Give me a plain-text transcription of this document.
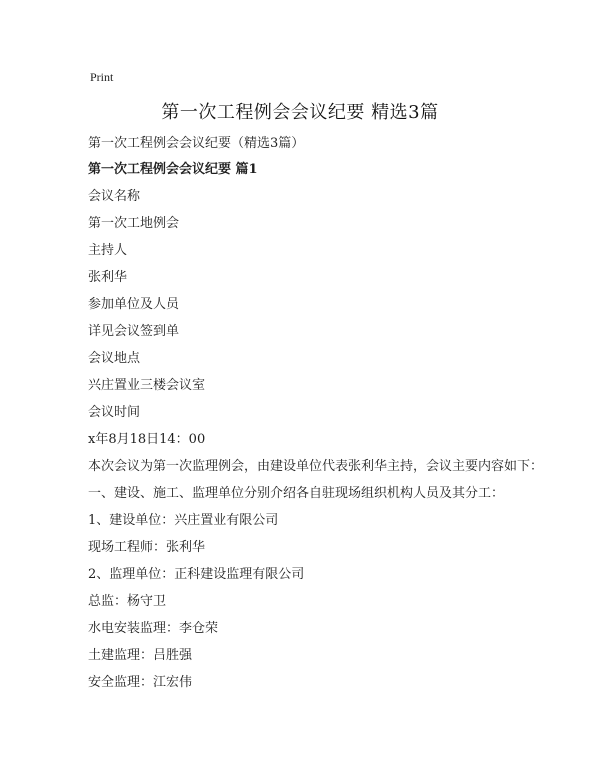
Print
第一次工程例会会议纪要 精选3篇
第一次工程例会会议纪要（精选3篇）
第一次工程例会会议纪要 篇1
会议名称
第一次工地例会
主持人
张利华
参加单位及人员
详见会议签到单
会议地点
兴庄置业三楼会议室
会议时间
x年8月18日14：00
本次会议为第一次监理例会，由建设单位代表张利华主持，会议主要内容如下：
一、建设、施工、监理单位分别介绍各自驻现场组织机构人员及其分工：
1、建设单位：兴庄置业有限公司
现场工程师：张利华
2、监理单位：正科建设监理有限公司
总监：杨守卫
水电安装监理：李仓荣
土建监理：吕胜强
安全监理：江宏伟
